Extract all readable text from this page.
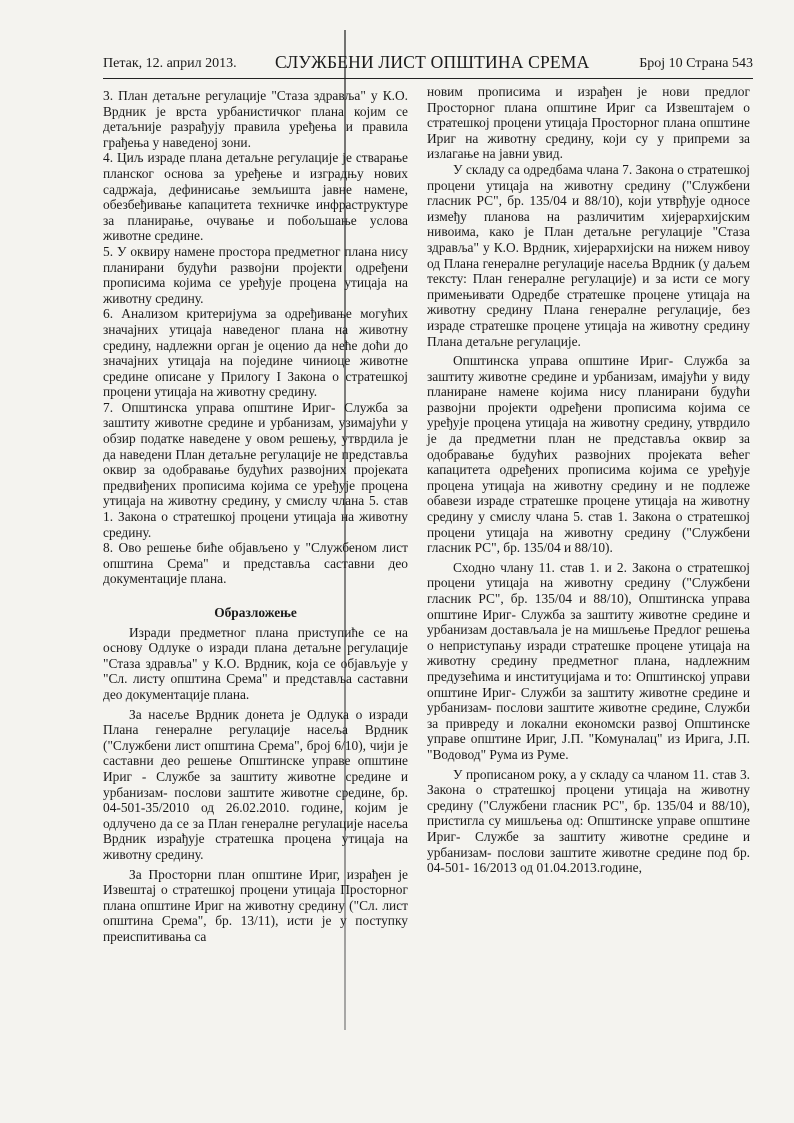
Петак, 12. април 2013. СЛУЖБЕНИ ЛИСТ ОПШТИНА СРЕМА	Број 10 Страна 543

3. План детаљне регулације "Стаза здравља" у К.О. Врдник је врста урбанистичког плана којим се детаљније разрађују правила уређења и правила грађења у наведеној зони.

4. Циљ израде плана детаљне регулације је стварање планског основа за уређење и изградњу нових садржаја, дефинисање земљишта јавне намене, обезбеђивање капацитета техничке инфраструктуре за планирање, очување и побољшање услова животне средине.

5. У оквиру намене простора предметног плана нису планирани будући развојни пројекти одређени прописима којима се уређује процена утицаја на животну средину.

6. Анализом критеријума за одређивање могућих значајних утицаја наведеног плана на животну средину, надлежни орган је оценио да неће доћи до значајних утицаја на поједине чиниоце животне средине описане у Прилогу I Закона о стратешкој процени утицаја на животну средину.

7. Општинска управа општине Ириг- Служба за заштиту животне средине и урбанизам, узимајући у обзир податке наведене у овом решењу, утврдила је да наведени План детаљне регулације не представља оквир за одобравање будућих развојних пројеката предвиђених прописима којима се уређује процена утицаја на животну средину, у смислу члана 5. став 1. Закона о стратешкој процени утицаја на животну средину.

8. Ово решење биће објављено у "Службеном лист општина Срема" и представља саставни део документације плана.

Образложење

Изради предметног плана приступиће се на основу Одлуке о изради плана детаљне регулације "Стаза здравља" у К.О. Врдник, која се објављује у "Сл. листу општина Срема" и представља саставни део документације плана.

За насеље Врдник донета је Одлука о изради Плана генералне регулације насеља Врдник ("Службени лист општина Срема", број 6/10), чији је саставни део решење Општинске управе општине Ириг - Службе за заштиту животне средине и урбанизам- послови заштите животне средине, бр. 04-501-35/2010 од 26.02.2010. године, којим је одлучено да се за План генералне регулације насеља Врдник израђује стратешка процена утицаја на животну средину.

За Просторни план општине Ириг, израђен је Извештај о стратешкој процени утицаја Просторног плана општине Ириг на животну средину ("Сл. лист општина Срема", бр. 13/11), исти је у поступку преиспитивања са

новим прописима и израђен је нови предлог Просторног плана општине Ириг са Извештајем о стратешкој процени утицаја Просторног плана општине Ириг на животну средину, који су у припреми за излагање на јавни увид.

У складу са одредбама члана 7. Закона о стратешкој процени утицаја на животну средину ("Службени гласник РС", бр. 135/04 и 88/10), који утврђује односе између планова на различитим хијерархијским нивоима, како је План детаљне регулације "Стаза здравља" у К.О. Врдник, хијерархијски на нижем нивоу од Плана генералне регулације насеља Врдник (у даљем тексту: План генералне регулације) и за исти се могу примењивати Одредбе стратешке процене утицаја на животну средину Плана генералне регулације, без израде стратешке процене утицаја на животну средину Плана детаљне регулације.

Општинска управа општине Ириг- Служба за заштиту животне средине и урбанизам, имајући у виду планиране намене којима нису планирани будући развојни пројекти одређени прописима којима се уређује процена утицаја на животну средину, утврдило је да предметни план не представља оквир за одобравање будућих развојних пројеката већег капацитета одређених прописима којима се уређује процена утицаја на животну средину и не подлеже обавези израде стратешке процене утицаја на животну средину у смислу члана 5. став 1. Закона о стратешкој процени утицаја на животну средину ("Службени гласник РС", бр. 135/04 и 88/10).

Сходно члану 11. став 1. и 2. Закона о стратешкој процени утицаја на животну средину ("Службени гласник РС", бр. 135/04 и 88/10), Општинска управа општине Ириг- Служба за заштиту животне средине и урбанизам достављала је на мишљење Предлог решења о неприступању изради стратешке процене утицаја на животну средину предметног плана, надлежним предузећима и институцијама и то: Општинској управи општине Ириг- Служби за заштиту животне средине и урбанизам- послови заштите животне средине, Служби за привреду и локални економски развој Општинске управе општине Ириг, Ј.П. "Комуналац" из Ирига, Ј.П. "Водовод" Рума из Руме.

У прописаном року, а у складу са чланом 11. став 3. Закона о стратешкој процени утицаја на животну средину ("Службени гласник РС", бр. 135/04 и 88/10), пристигла су мишљења од: Општинске управе општине Ириг- Службе за заштиту животне средине и урбанизам- послови заштите животне средине под бр. 04-501- 16/2013 од 01.04.2013.године,
